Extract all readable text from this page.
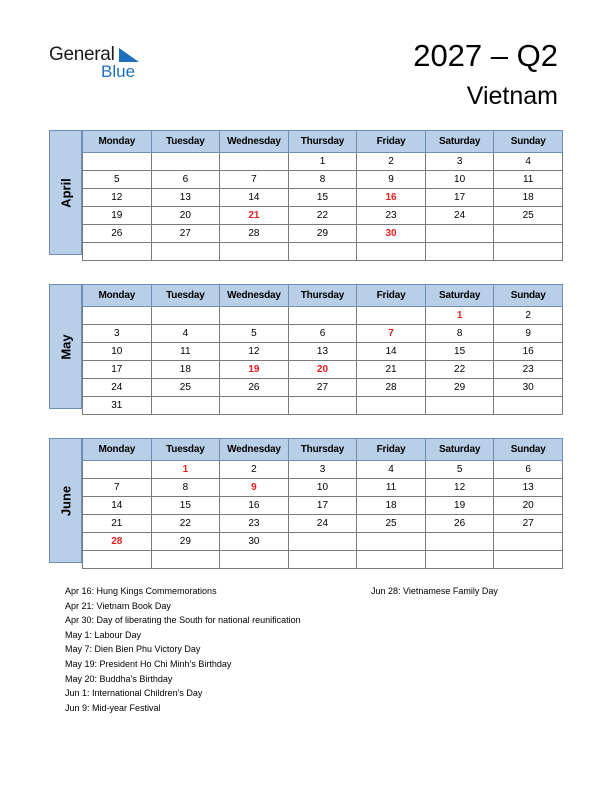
General
Blue	2027 – Q2
Vietnam
April
Monday	Tuesday	Wednesday	Thursday	Friday	Saturday	Sunday
			1	2	3	4
5	6	7	8	9	10	11
12	13	14	15	16	17	18
19	20	21	22	23	24	25
26	27	28	29	30		

May
Monday	Tuesday	Wednesday	Thursday	Friday	Saturday	Sunday
					1	2
3	4	5	6	7	8	9
10	11	12	13	14	15	16
17	18	19	20	21	22	23
24	25	26	27	28	29	30
31						
June
Monday	Tuesday	Wednesday	Thursday	Friday	Saturday	Sunday
	1	2	3	4	5	6
7	8	9	10	11	12	13
14	15	16	17	18	19	20
21	22	23	24	25	26	27
28	29	30				

Apr 16: Hung Kings Commemorations
Apr 21: Vietnam Book Day
Apr 30: Day of liberating the South for national reunification
May 1: Labour Day
May 7: Dien Bien Phu Victory Day
May 19: President Ho Chi Minh’s Birthday
May 20: Buddha’s Birthday
Jun 1: International Children’s Day
Jun 9: Mid-year Festival
Jun 28: Vietnamese Family Day
